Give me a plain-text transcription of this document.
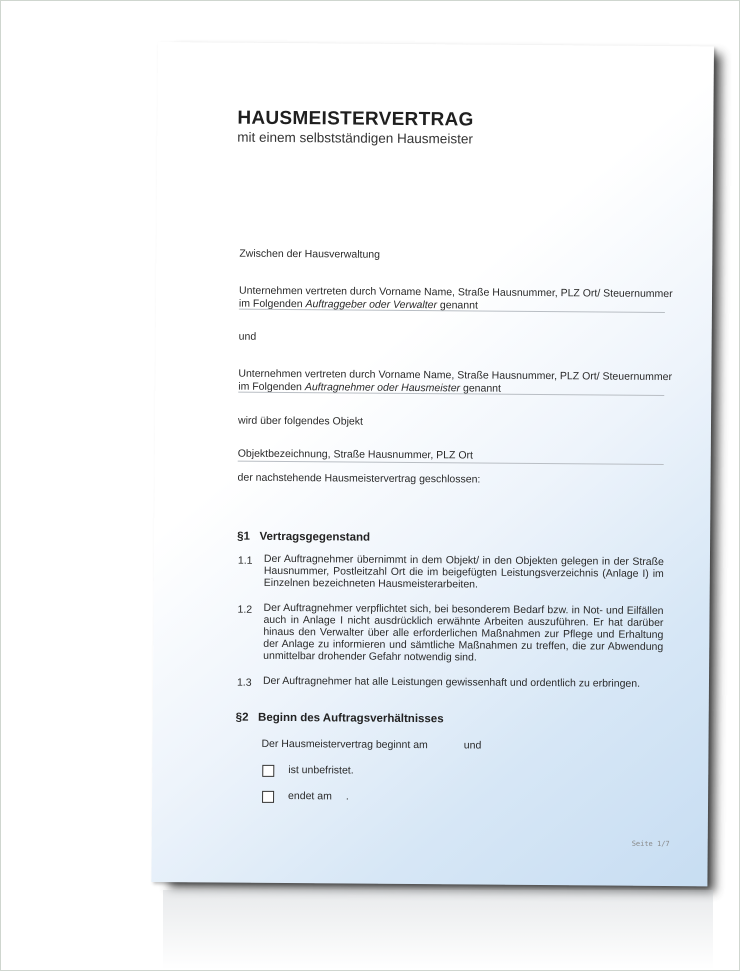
HAUSMEISTERVERTRAG
mit einem selbstständigen Hausmeister
Zwischen der Hausverwaltung
Unternehmen vertreten durch Vorname Name, Straße Hausnummer, PLZ Ort/ Steuernummer
im Folgenden Auftraggeber oder Verwalter genannt
und
Unternehmen vertreten durch Vorname Name, Straße Hausnummer, PLZ Ort/ Steuernummer
im Folgenden Auftragnehmer oder Hausmeister genannt
wird über folgendes Objekt
Objektbezeichnung, Straße Hausnummer, PLZ Ort
der nachstehende Hausmeistervertrag geschlossen:
§1 Vertragsgegenstand
1.1 Der Auftragnehmer übernimmt in dem Objekt/ in den Objekten gelegen in der Straße Hausnummer, Postleitzahl Ort die im beigefügten Leistungsverzeichnis (Anlage I) im Einzelnen bezeichneten Hausmeisterarbeiten.
1.2 Der Auftragnehmer verpflichtet sich, bei besonderem Bedarf bzw. in Not- und Eilfällen auch in Anlage I nicht ausdrücklich erwähnte Arbeiten auszuführen. Er hat darüber hinaus den Verwalter über alle erforderlichen Maßnahmen zur Pflege und Erhaltung der Anlage zu informieren und sämtliche Maßnahmen zu treffen, die zur Abwendung unmittelbar drohender Gefahr notwendig sind.
1.3 Der Auftragnehmer hat alle Leistungen gewissenhaft und ordentlich zu erbringen.
§2 Beginn des Auftragsverhältnisses
Der Hausmeistervertrag beginnt am	und
ist unbefristet.
endet am .
Seite 1/7
